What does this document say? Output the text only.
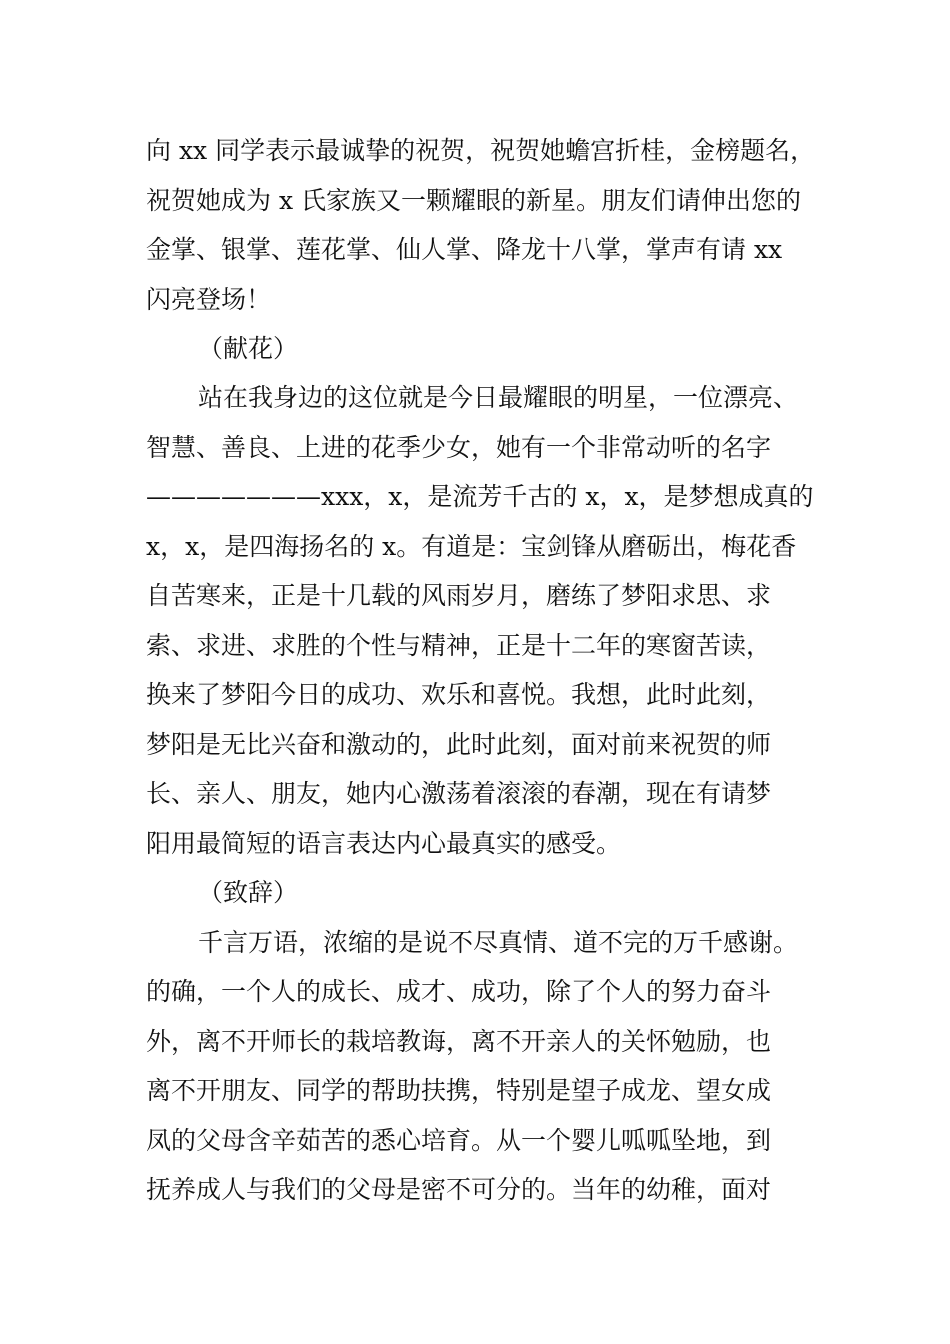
向 xx 同学表示最诚挚的祝贺，祝贺她蟾宫折桂，金榜题名，
祝贺她成为 x 氏家族又一颗耀眼的新星。朋友们请伸出您的
金掌、银掌、莲花掌、仙人掌、降龙十八掌，掌声有请 xx
闪亮登场！
（献花）
站在我身边的这位就是今日最耀眼的明星，一位漂亮、
智慧、善良、上进的花季少女，她有一个非常动听的名字
———————xxx，x，是流芳千古的 x，x，是梦想成真的
x，x，是四海扬名的 x。有道是：宝剑锋从磨砺出，梅花香
自苦寒来，正是十几载的风雨岁月，磨练了梦阳求思、求
索、求进、求胜的个性与精神，正是十二年的寒窗苦读，
换来了梦阳今日的成功、欢乐和喜悦。我想，此时此刻，
梦阳是无比兴奋和激动的，此时此刻，面对前来祝贺的师
长、亲人、朋友，她内心激荡着滚滚的春潮，现在有请梦
阳用最简短的语言表达内心最真实的感受。
（致辞）
千言万语，浓缩的是说不尽真情、道不完的万千感谢。
的确，一个人的成长、成才、成功，除了个人的努力奋斗
外，离不开师长的栽培教诲，离不开亲人的关怀勉励，也
离不开朋友、同学的帮助扶携，特别是望子成龙、望女成
凤的父母含辛茹苦的悉心培育。从一个婴儿呱呱坠地，到
抚养成人与我们的父母是密不可分的。当年的幼稚，面对
